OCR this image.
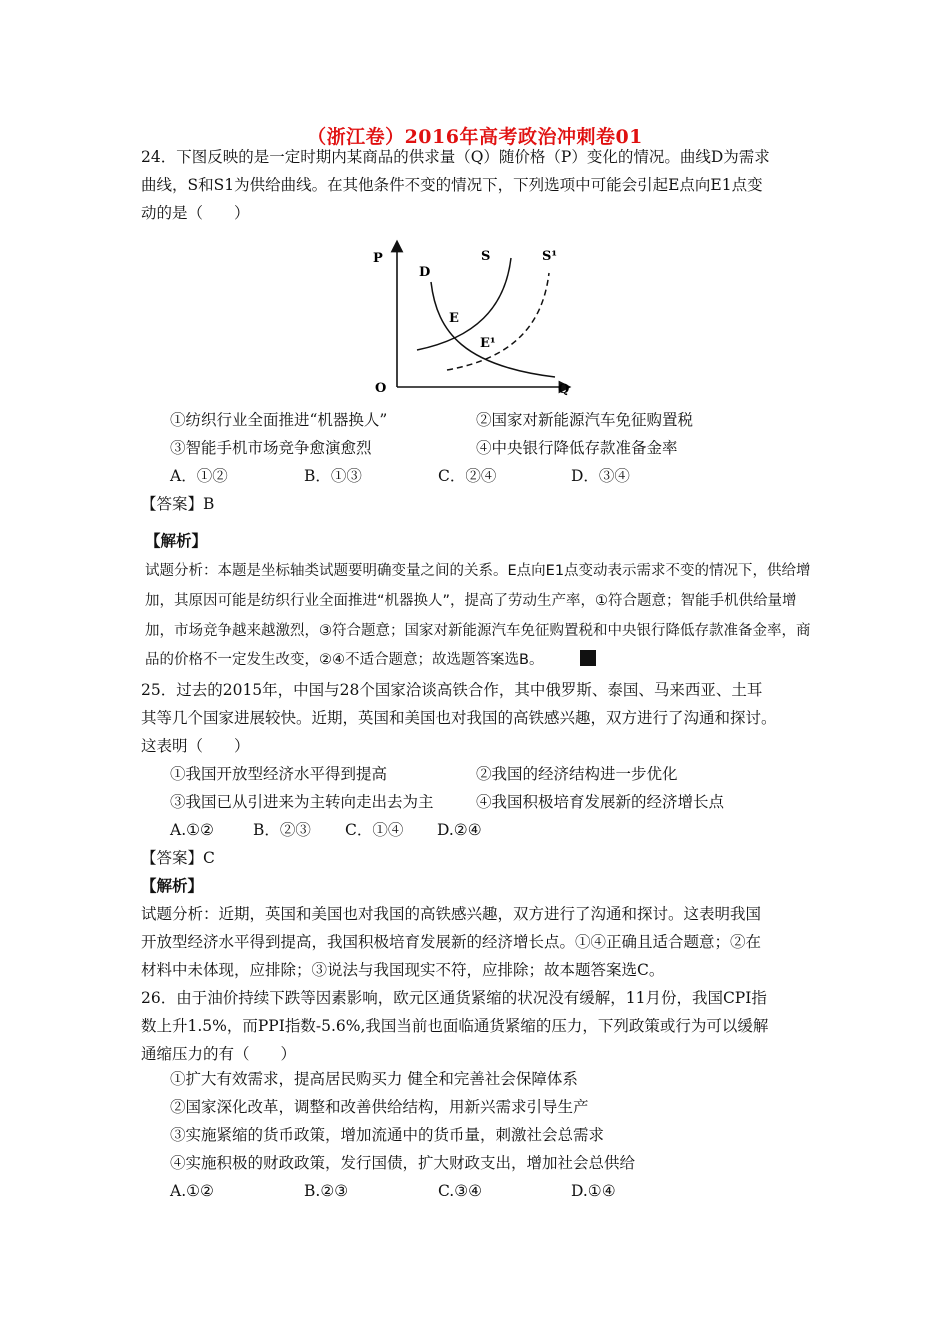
（浙江卷）2016年高考政治冲刺卷01
24．下图反映的是一定时期内某商品的供求量（Q）随价格（P）变化的情况。曲线D为需求
曲线，S和S1为供给曲线。在其他条件不变的情况下，下列选项中可能会引起E点向E1点变
动的是（　　）
P
O	Q
D
S	S¹
E
E¹
①纺织行业全面推进“机器换人”	②国家对新能源汽车免征购置税
③智能手机市场竞争愈演愈烈	④中央银行降低存款准备金率
A．①②	B．①③	C．②④	D．③④
【答案】B
【解析】
试题分析：本题是坐标轴类试题要明确变量之间的关系。E点向E1点变动表示需求不变的情况下，供给增
加，其原因可能是纺织行业全面推进“机器换人”，提高了劳动生产率，①符合题意；智能手机供给量增
加，市场竞争越来越激烈，③符合题意；国家对新能源汽车免征购置税和中央银行降低存款准备金率，商
品的价格不一定发生改变，②④不适合题意；故选题答案选B。
25．过去的2015年，中国与28个国家洽谈高铁合作，其中俄罗斯、泰国、马来西亚、土耳
其等几个国家进展较快。近期，英国和美国也对我国的高铁感兴趣，双方进行了沟通和探讨。
这表明（　　）
①我国开放型经济水平得到提高	②我国的经济结构进一步优化
③我国已从引进来为主转向走出去为主	④我国积极培育发展新的经济增长点
A.①②	B．②③ C．①④ D.②④
【答案】C
【解析】
试题分析：近期，英国和美国也对我国的高铁感兴趣，双方进行了沟通和探讨。这表明我国
开放型经济水平得到提高，我国积极培育发展新的经济增长点。①④正确且适合题意；②在
材料中未体现，应排除；③说法与我国现实不符，应排除；故本题答案选C。
26．由于油价持续下跌等因素影响，欧元区通货紧缩的状况没有缓解，11月份，我国CPI指
数上升1.5%，而PPI指数-5.6%,我国当前也面临通货紧缩的压力，下列政策或行为可以缓解
通缩压力的有（　　）
①扩大有效需求，提高居民购买力 健全和完善社会保障体系
②国家深化改革，调整和改善供给结构，用新兴需求引导生产
③实施紧缩的货币政策，增加流通中的货币量，刺激社会总需求
④实施积极的财政政策，发行国债，扩大财政支出，增加社会总供给
A.①②	B.②③	C.③④	D.①④
